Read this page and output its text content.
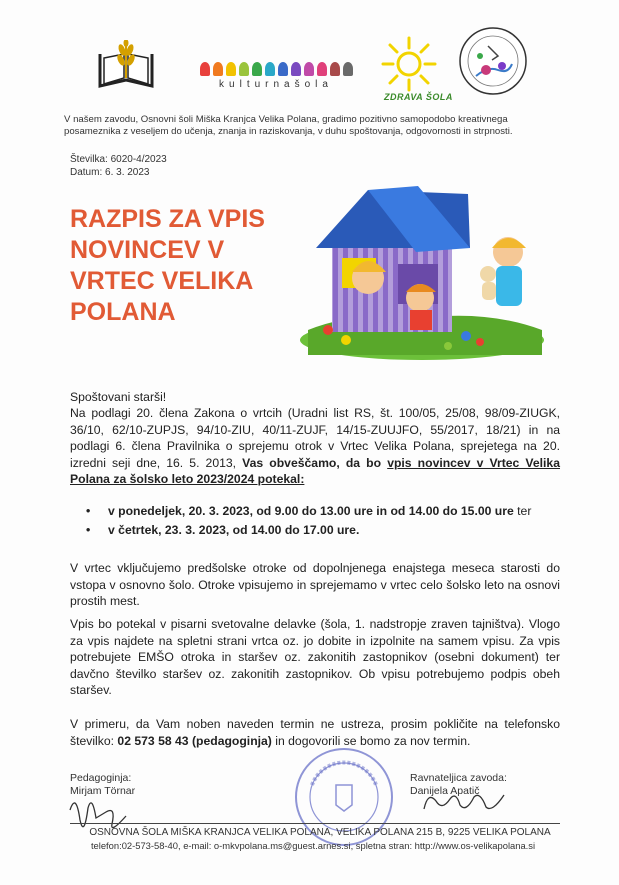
kulturnašola
ZDRAVA ŠOLA
V našem zavodu, Osnovni šoli Miška Kranjca Velika Polana, gradimo pozitivno samopodobo kreativnega posameznika z veseljem do učenja, znanja in raziskovanja, v duhu spoštovanja, odgovornosti in strpnosti.
Številka: 6020-4/2023
Datum: 6. 3. 2023
RAZPIS ZA VPIS NOVINCEV V VRTEC VELIKA POLANA
Spoštovani starši!
Na podlagi 20. člena Zakona o vrtcih (Uradni list RS, št. 100/05, 25/08, 98/09-ZIUGK, 36/10, 62/10-ZUPJS, 94/10-ZIU, 40/11-ZUJF, 14/15-ZUUJFO, 55/2017, 18/21) in na podlagi 6. člena Pravilnika o sprejemu otrok v Vrtec Velika Polana, sprejetega na 20. izredni seji dne, 16. 5. 2013, Vas obveščamo, da bo vpis novincev v Vrtec Velika Polana za šolsko leto 2023/2024 potekal:
• v ponedeljek, 20. 3. 2023, od 9.00 do 13.00 ure in od 14.00 do 15.00 ure ter
• v četrtek, 23. 3. 2023, od 14.00 do 17.00 ure.
V vrtec vključujemo predšolske otroke od dopolnjenega enajstega meseca starosti do vstopa v osnovno šolo. Otroke vpisujemo in sprejemamo v vrtec celo šolsko leto na osnovi prostih mest.
Vpis bo potekal v pisarni svetovalne delavke (šola, 1. nadstropje zraven tajništva). Vlogo za vpis najdete na spletni strani vrtca oz. jo dobite in izpolnite na samem vpisu. Za vpis potrebujete EMŠO otroka in staršev oz. zakonitih zastopnikov (osebni dokument) ter davčno številko staršev oz. zakonitih zastopnikov. Ob vpisu potrebujemo podpis obeh staršev.
V primeru, da Vam noben naveden termin ne ustreza, prosim pokličite na telefonsko številko: 02 573 58 43 (pedagoginja) in dogovorili se bomo za nov termin.
Pedagoginja:
Mirjam Törnar
Ravnateljica zavoda:
Danijela Apatič
OSNOVNA ŠOLA MIŠKA KRANJCA VELIKA POLANA, VELIKA POLANA 215 B, 9225 VELIKA POLANA
telefon:02-573-58-40, e-mail: o-mkvpolana.ms@guest.arnes.si, spletna stran: http://www.os-velikapolana.si
